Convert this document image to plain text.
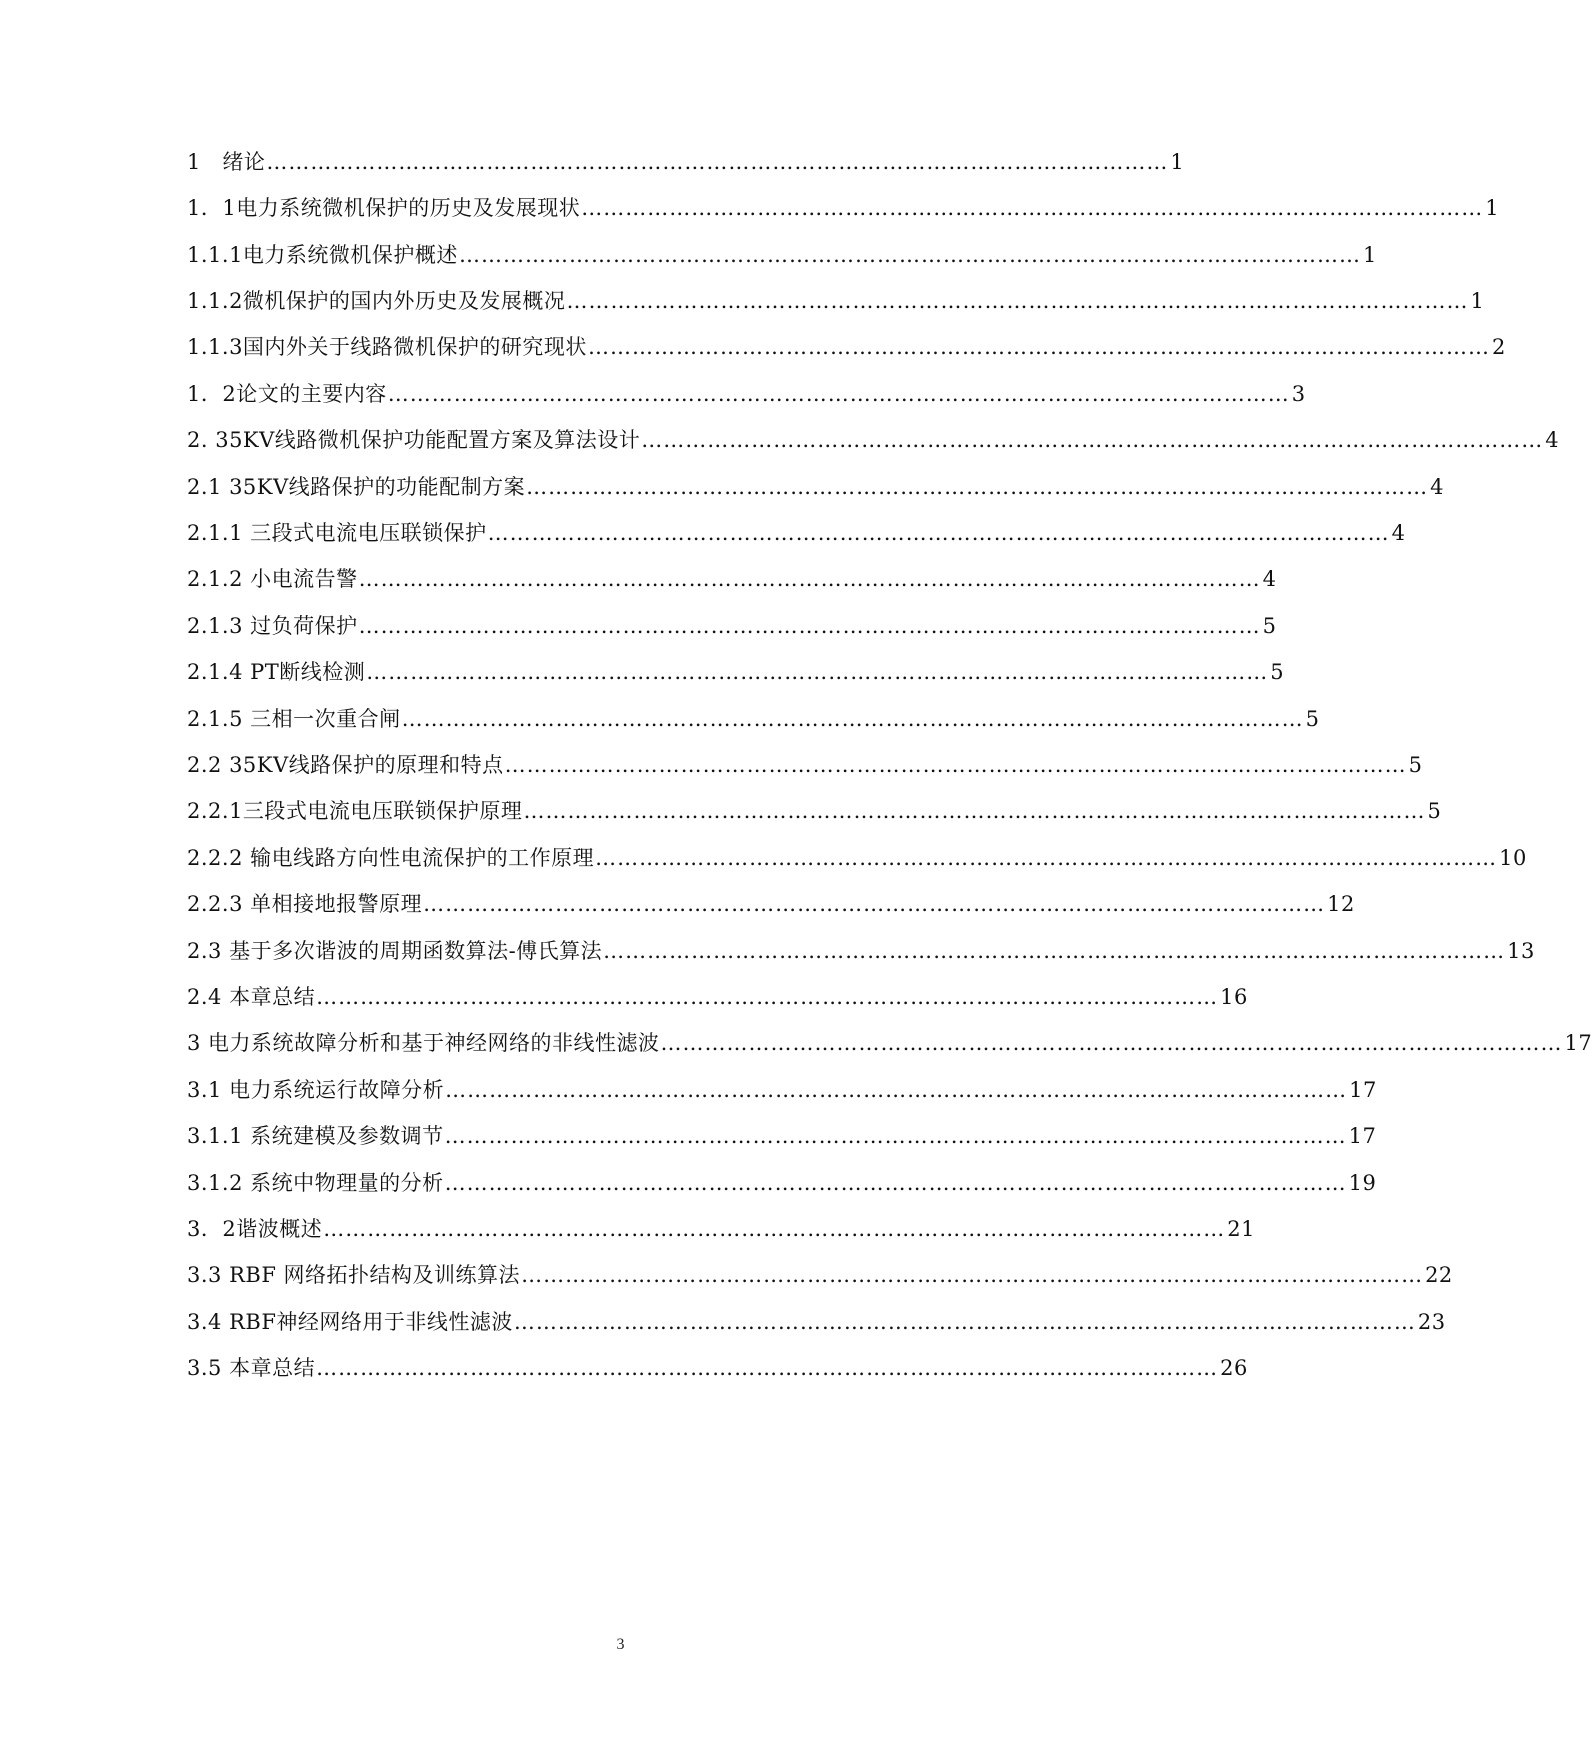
1　绪论 …………………………………………………………………………………………………………… 1
1．1电力系统微机保护的历史及发展现状 …………………………………………………………………………………………………………… 1
1.1.1电力系统微机保护概述 …………………………………………………………………………………………………………… 1
1.1.2微机保护的国内外历史及发展概况 …………………………………………………………………………………………………………… 1
1.1.3国内外关于线路微机保护的研究现状 …………………………………………………………………………………………………………… 2
1．2论文的主要内容 …………………………………………………………………………………………………………… 3
2. 35KV线路微机保护功能配置方案及算法设计 …………………………………………………………………………………………………………… 4
2.1 35KV线路保护的功能配制方案 …………………………………………………………………………………………………………… 4
2.1.1 三段式电流电压联锁保护 …………………………………………………………………………………………………………… 4
2.1.2 小电流告警 …………………………………………………………………………………………………………… 4
2.1.3 过负荷保护 …………………………………………………………………………………………………………… 5
2.1.4 PT断线检测 …………………………………………………………………………………………………………… 5
2.1.5 三相一次重合闸 …………………………………………………………………………………………………………… 5
2.2 35KV线路保护的原理和特点 …………………………………………………………………………………………………………… 5
2.2.1三段式电流电压联锁保护原理 …………………………………………………………………………………………………………… 5
2.2.2 输电线路方向性电流保护的工作原理 …………………………………………………………………………………………………………… 10
2.2.3 单相接地报警原理 …………………………………………………………………………………………………………… 12
2.3 基于多次谐波的周期函数算法-傅氏算法 …………………………………………………………………………………………………………… 13
2.4 本章总结 …………………………………………………………………………………………………………… 16
3 电力系统故障分析和基于神经网络的非线性滤波 …………………………………………………………………………………………………………… 17
3.1 电力系统运行故障分析 …………………………………………………………………………………………………………… 17
3.1.1 系统建模及参数调节 …………………………………………………………………………………………………………… 17
3.1.2 系统中物理量的分析 …………………………………………………………………………………………………………… 19
3．2谐波概述 …………………………………………………………………………………………………………… 21
3.3 RBF 网络拓扑结构及训练算法 …………………………………………………………………………………………………………… 22
3.4 RBF神经网络用于非线性滤波 …………………………………………………………………………………………………………… 23
3.5 本章总结 …………………………………………………………………………………………………………… 26
3
